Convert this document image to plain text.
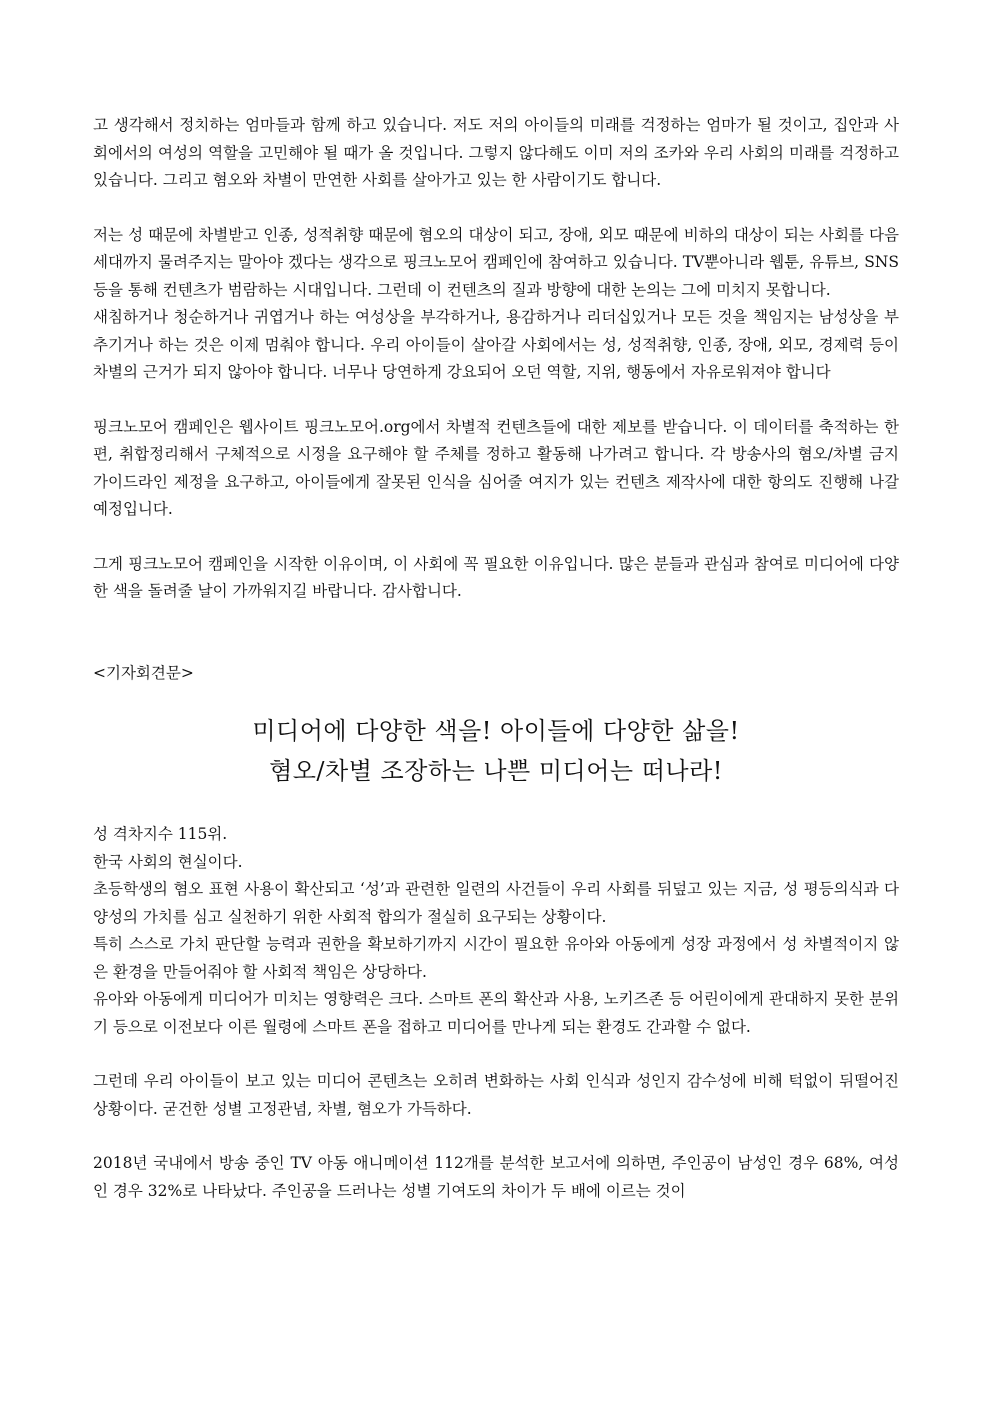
고 생각해서 정치하는 엄마들과 함께 하고 있습니다. 저도 저의 아이들의 미래를 걱정하는 엄마가 될 것이고, 집안과 사회에서의 여성의 역할을 고민해야 될 때가 올 것입니다. 그렇지 않다해도 이미 저의 조카와 우리 사회의 미래를 걱정하고 있습니다. 그리고 혐오와 차별이 만연한 사회를 살아가고 있는 한 사람이기도 합니다.

저는 성 때문에 차별받고 인종, 성적취향 때문에 혐오의 대상이 되고, 장애, 외모 때문에 비하의 대상이 되는 사회를 다음 세대까지 물려주지는 말아야 겠다는 생각으로 핑크노모어 캠페인에 참여하고 있습니다. TV뿐아니라 웹툰, 유튜브, SNS 등을 통해 컨텐츠가 범람하는 시대입니다. 그런데 이 컨텐츠의 질과 방향에 대한 논의는 그에 미치지 못합니다.

새침하거나 청순하거나 귀엽거나 하는 여성상을 부각하거나, 용감하거나 리더십있거나 모든 것을 책임지는 남성상을 부추기거나 하는 것은 이제 멈춰야 합니다. 우리 아이들이 살아갈 사회에서는 성, 성적취향, 인종, 장애, 외모, 경제력 등이 차별의 근거가 되지 않아야 합니다. 너무나 당연하게 강요되어 오던 역할, 지위, 행동에서 자유로워져야 합니다

핑크노모어 캠페인은 웹사이트 핑크노모어.org에서 차별적 컨텐츠들에 대한 제보를 받습니다. 이 데이터를 축적하는 한편, 취합정리해서 구체적으로 시정을 요구해야 할 주체를 정하고 활동해 나가려고 합니다. 각 방송사의 혐오/차별 금지 가이드라인 제정을 요구하고, 아이들에게 잘못된 인식을 심어줄 여지가 있는 컨텐츠 제작사에 대한 항의도 진행해 나갈 예정입니다.

그게 핑크노모어 캠페인을 시작한 이유이며, 이 사회에 꼭 필요한 이유입니다. 많은 분들과 관심과 참여로 미디어에 다양한 색을 돌려줄 날이 가까워지길 바랍니다. 감사합니다.

<기자회견문>

미디어에 다양한 색을! 아이들에 다양한 삶을!

혐오/차별 조장하는 나쁜 미디어는 떠나라!

성 격차지수 115위.

한국 사회의 현실이다.

초등학생의 혐오 표현 사용이 확산되고 ‘성’과 관련한 일련의 사건들이 우리 사회를 뒤덮고 있는 지금, 성 평등의식과 다양성의 가치를 심고 실천하기 위한 사회적 합의가 절실히 요구되는 상황이다.

특히 스스로 가치 판단할 능력과 권한을 확보하기까지 시간이 필요한 유아와 아동에게 성장 과정에서 성 차별적이지 않은 환경을 만들어줘야 할 사회적 책임은 상당하다.

유아와 아동에게 미디어가 미치는 영향력은 크다. 스마트 폰의 확산과 사용, 노키즈존 등 어린이에게 관대하지 못한 분위기 등으로 이전보다 이른 월령에 스마트 폰을 접하고 미디어를 만나게 되는 환경도 간과할 수 없다.

그런데 우리 아이들이 보고 있는 미디어 콘텐츠는 오히려 변화하는 사회 인식과 성인지 감수성에 비해 턱없이 뒤떨어진 상황이다. 굳건한 성별 고정관념, 차별, 혐오가 가득하다.

2018년 국내에서 방송 중인 TV 아동 애니메이션 112개를 분석한 보고서에 의하면, 주인공이 남성인 경우 68%, 여성인 경우 32%로 나타났다. 주인공을 드러나는 성별 기여도의 차이가 두 배에 이르는 것이
